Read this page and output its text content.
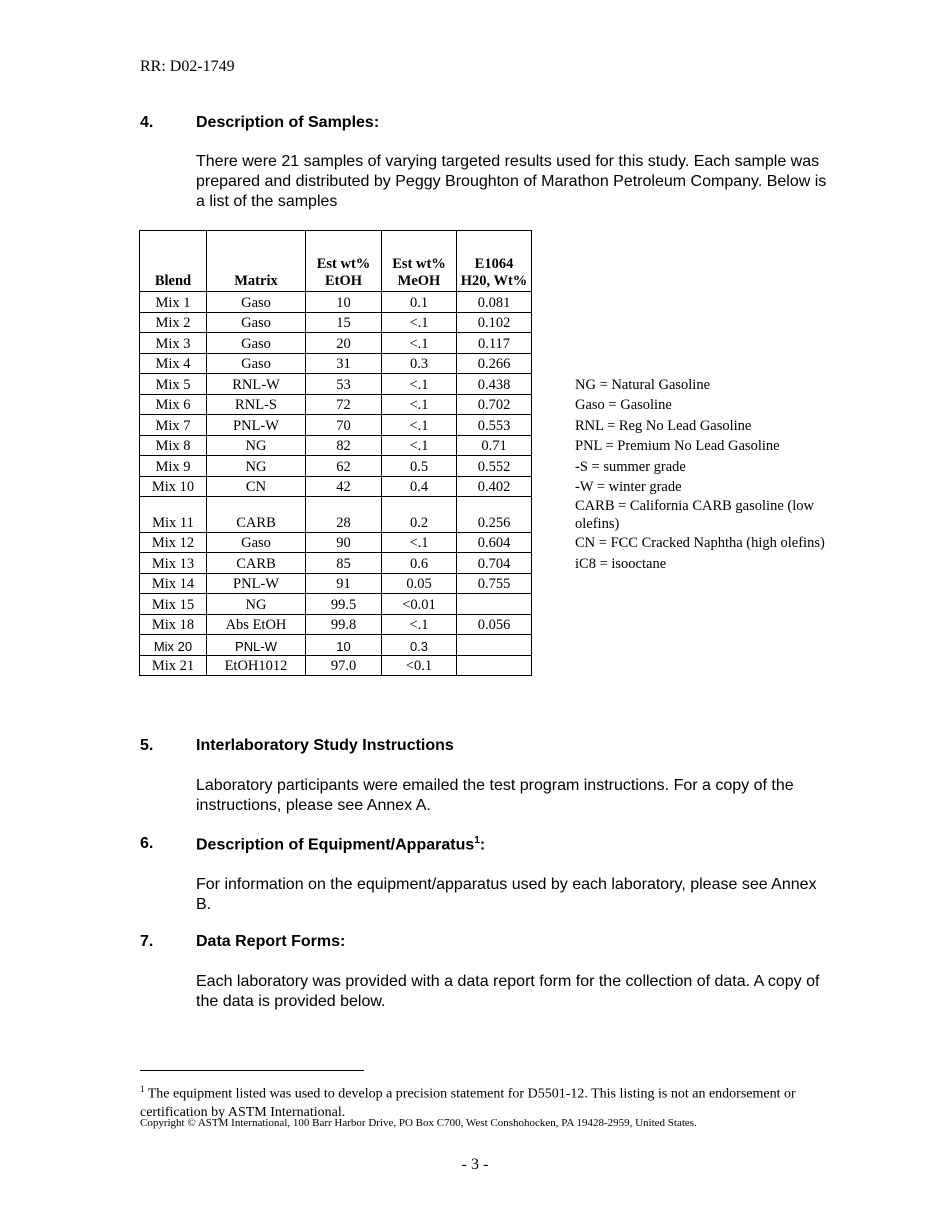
RR: D02-1749
4.	Description of Samples:
There were 21 samples of varying targeted results used for this study. Each sample was prepared and distributed by Peggy Broughton of Marathon Petroleum Company. Below is a list of the samples
Blend	Matrix	Est wt% EtOH	Est wt% MeOH	E1064 H20, Wt%
Mix 1	Gaso	10	0.1	0.081
Mix 2	Gaso	15	<.1	0.102
Mix 3	Gaso	20	<.1	0.117
Mix 4	Gaso	31	0.3	0.266
Mix 5	RNL-W	53	<.1	0.438
Mix 6	RNL-S	72	<.1	0.702
Mix 7	PNL-W	70	<.1	0.553
Mix 8	NG	82	<.1	0.71
Mix 9	NG	62	0.5	0.552
Mix 10	CN	42	0.4	0.402
Mix 11	CARB	28	0.2	0.256
Mix 12	Gaso	90	<.1	0.604
Mix 13	CARB	85	0.6	0.704
Mix 14	PNL-W	91	0.05	0.755
Mix 15	NG	99.5	<0.01	
Mix 18	Abs EtOH	99.8	<.1	0.056
Mix 20	PNL-W	10	0.3	
Mix 21	EtOH1012	97.0	<0.1	
NG = Natural Gasoline
Gaso = Gasoline
RNL = Reg No Lead Gasoline
PNL = Premium No Lead Gasoline
-S = summer grade
-W = winter grade
CARB = California CARB gasoline (low olefins)
CN = FCC Cracked Naphtha (high olefins)
iC8 = isooctane
5.	Interlaboratory Study Instructions
Laboratory participants were emailed the test program instructions. For a copy of the instructions, please see Annex A.
6.	Description of Equipment/Apparatus$^1$:
For information on the equipment/apparatus used by each laboratory, please see Annex B.
7.	Data Report Forms:
Each laboratory was provided with a data report form for the collection of data. A copy of the data is provided below.
$^1$ The equipment listed was used to develop a precision statement for D5501-12. This listing is not an endorsement or certification by ASTM International.
Copyright © ASTM International, 100 Barr Harbor Drive, PO Box C700, West Conshohocken, PA 19428-2959, United States.
- 3 -
